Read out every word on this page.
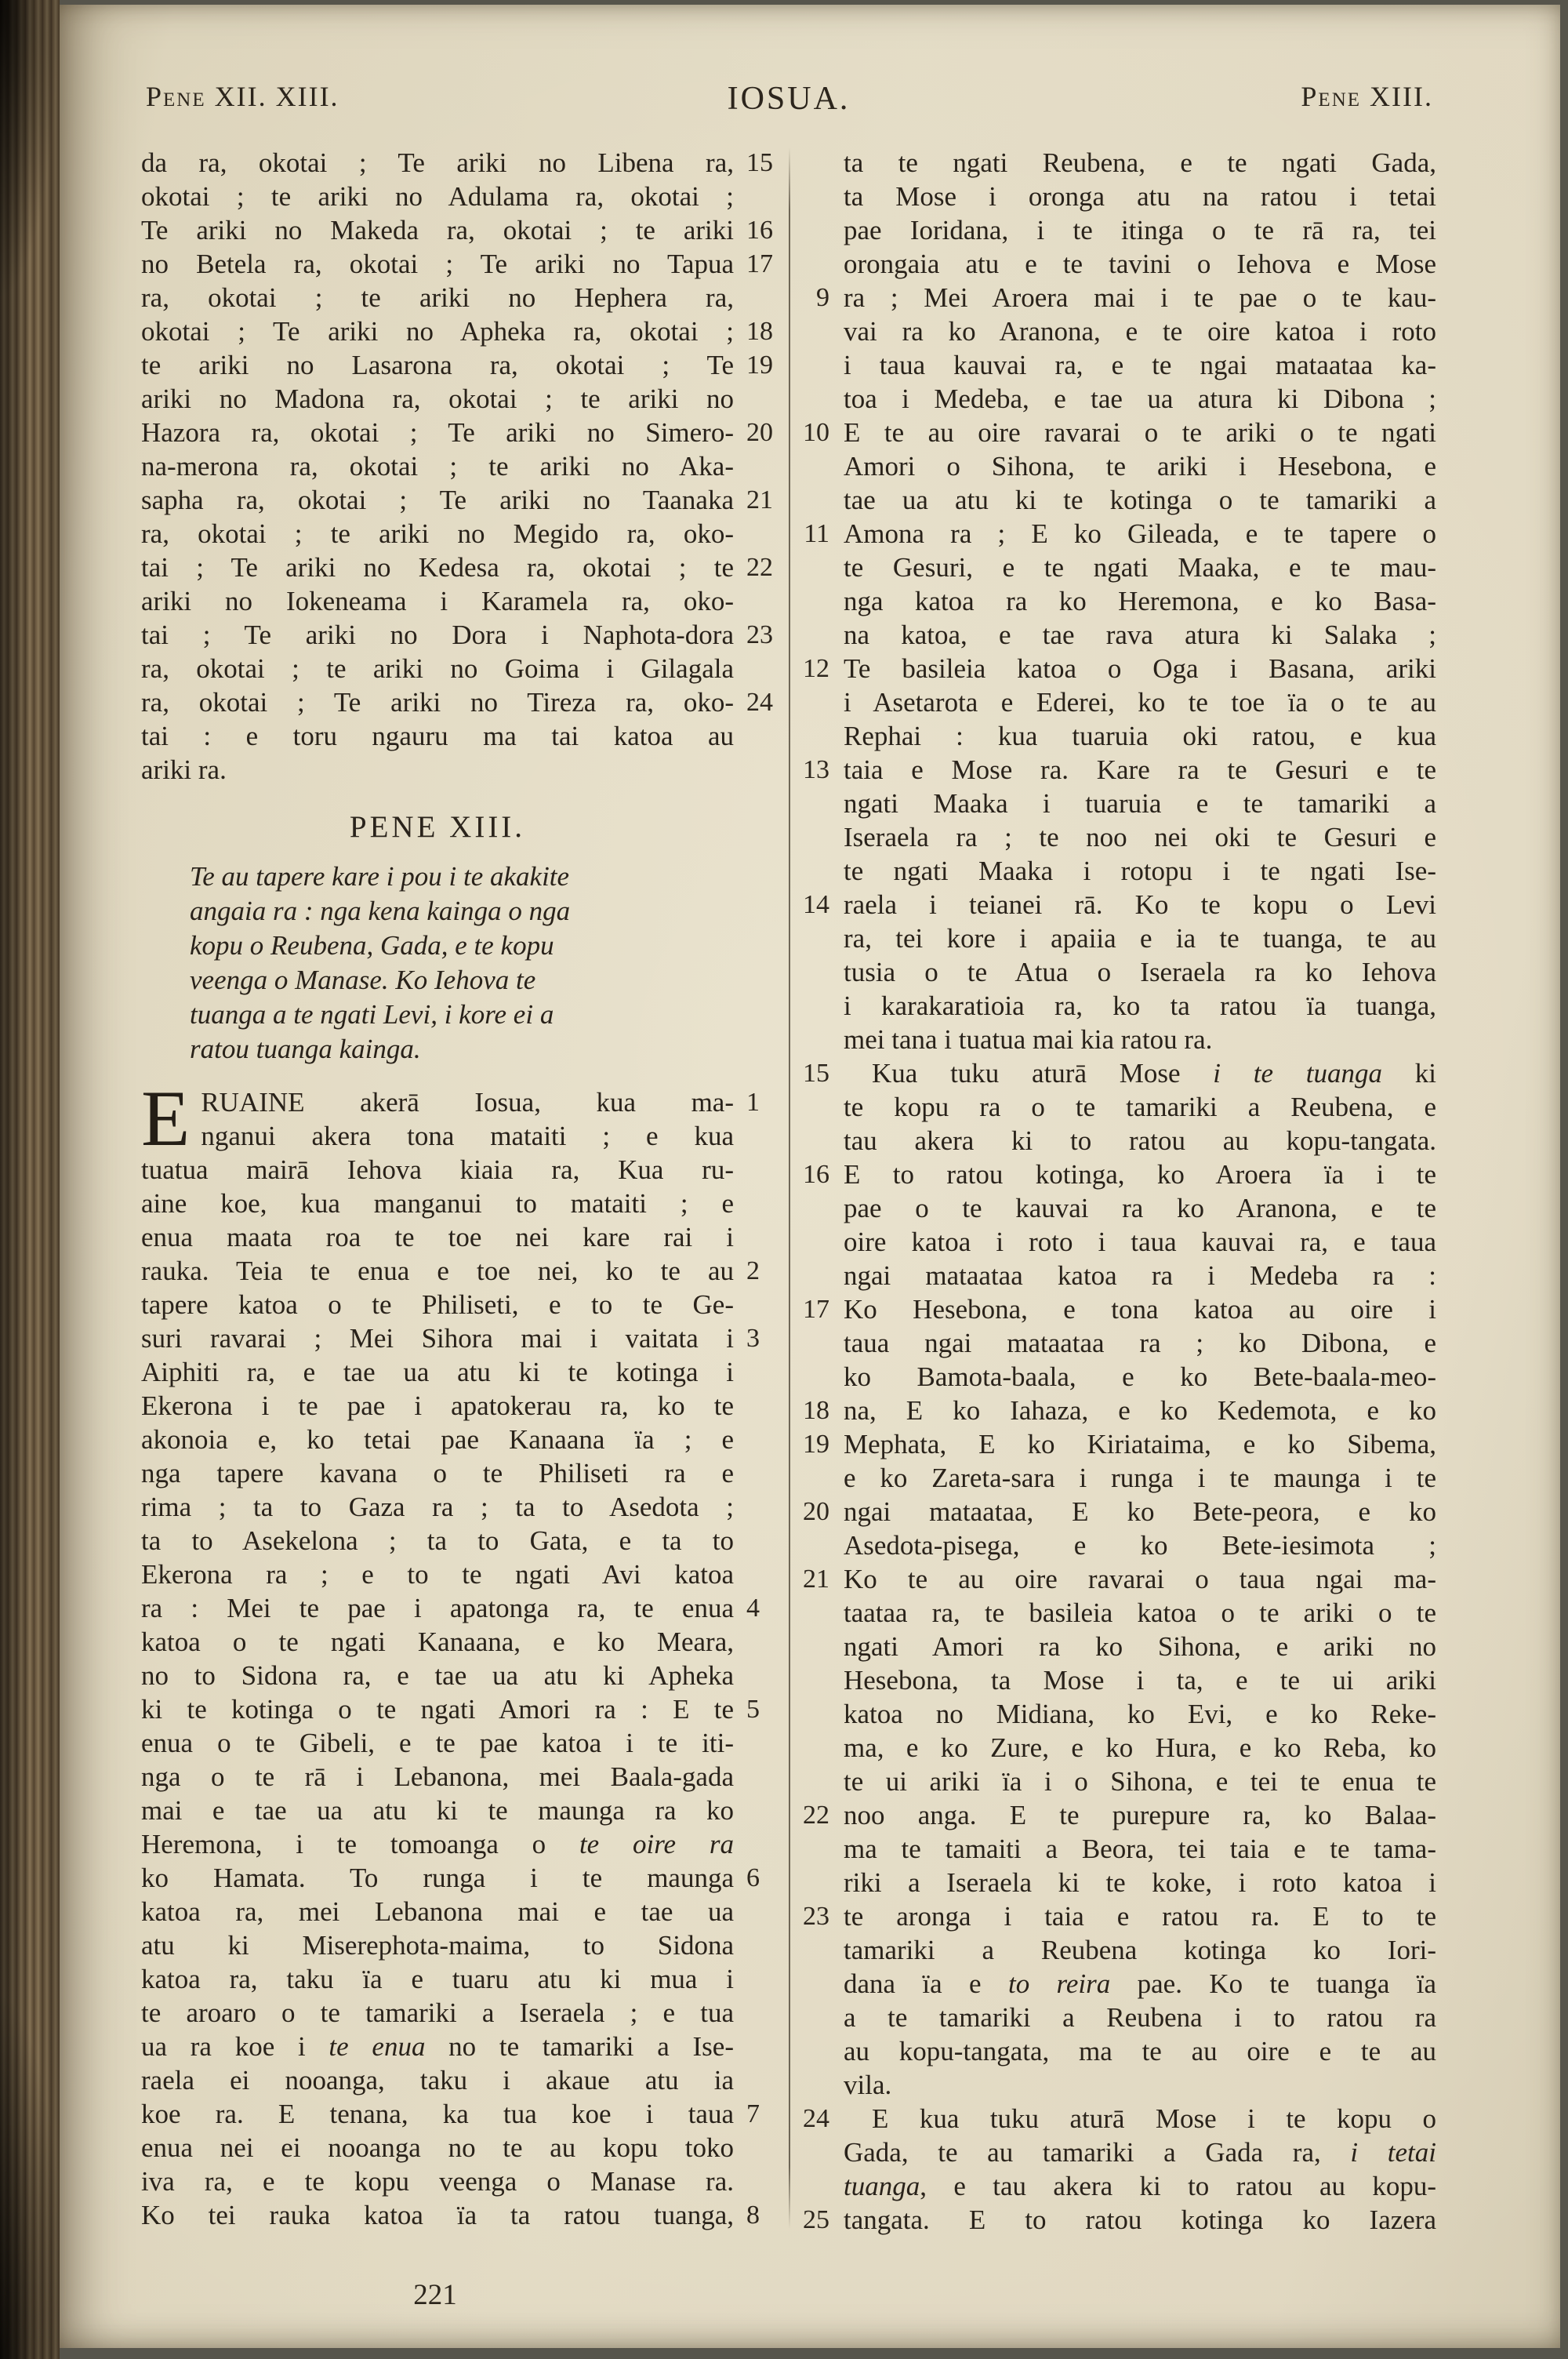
Pene XII. XIII.	IOSUA.	Pene XIII.
da ra, okotai ; Te ariki no Libena ra, 15
okotai ; te ariki no Adulama ra, okotai ;
Te ariki no Makeda ra, okotai ; te ariki 16
no Betela ra, okotai ; Te ariki no Tapua 17
ra, okotai ; te ariki no Hephera ra,
okotai ; Te ariki no Apheka ra, okotai ; 18
te ariki no Lasarona ra, okotai ; Te 19
ariki no Madona ra, okotai ; te ariki no
Hazora ra, okotai ; Te ariki no Simero- 20
na-merona ra, okotai ; te ariki no Aka-
sapha ra, okotai ; Te ariki no Taanaka 21
ra, okotai ; te ariki no Megido ra, oko-
tai ; Te ariki no Kedesa ra, okotai ; te 22
ariki no Iokeneama i Karamela ra, oko-
tai ; Te ariki no Dora i Naphota-dora 23
ra, okotai ; te ariki no Goima i Gilagala
ra, okotai ; Te ariki no Tireza ra, oko- 24
tai : e toru ngauru ma tai katoa au
ariki ra.
PENE XIII.
Te au tapere kare i pou i te akakite
angaia ra : nga kena kainga o nga
kopu o Reubena, Gada, e te kopu
veenga o Manase. Ko Iehova te
tuanga a te ngati Levi, i kore ei a
ratou tuanga kainga.
E RUAINE akerā Iosua, kua ma- 1
nganui akera tona mataiti ; e kua
tuatua mairā Iehova kiaia ra, Kua ru-
aine koe, kua manganui to mataiti ; e
enua maata roa te toe nei kare rai i
rauka. Teia te enua e toe nei, ko te au 2
tapere katoa o te Philiseti, e to te Ge-
suri ravarai ; Mei Sihora mai i vaitata i 3
Aiphiti ra, e tae ua atu ki te kotinga i
Ekerona i te pae i apatokerau ra, ko te
akonoia e, ko tetai pae Kanaana ïa ; e
nga tapere kavana o te Philiseti ra e
rima ; ta to Gaza ra ; ta to Asedota ;
ta to Asekelona ; ta to Gata, e ta to
Ekerona ra ; e to te ngati Avi katoa
ra : Mei te pae i apatonga ra, te enua 4
katoa o te ngati Kanaana, e ko Meara,
no to Sidona ra, e tae ua atu ki Apheka
ki te kotinga o te ngati Amori ra : E te 5
enua o te Gibeli, e te pae katoa i te iti-
nga o te rā i Lebanona, mei Baala-gada
mai e tae ua atu ki te maunga ra ko
Heremona, i te tomoanga o te oire ra
ko Hamata. To runga i te maunga 6
katoa ra, mei Lebanona mai e tae ua
atu ki Miserephota-maima, to Sidona
katoa ra, taku ïa e tuaru atu ki mua i
te aroaro o te tamariki a Iseraela ; e tua
ua ra koe i te enua no te tamariki a Ise-
raela ei nooanga, taku i akaue atu ia
koe ra. E tenana, ka tua koe i taua 7
enua nei ei nooanga no te au kopu toko
iva ra, e te kopu veenga o Manase ra.
Ko tei rauka katoa ïa ta ratou tuanga, 8
ta te ngati Reubena, e te ngati Gada,
ta Mose i oronga atu na ratou i tetai
pae Ioridana, i te itinga o te rā ra, tei
orongaia atu e te tavini o Iehova e Mose
ra ; Mei Aroera mai i te pae o te kau-
9
vai ra ko Aranona, e te oire katoa i roto
i taua kauvai ra, e te ngai mataataa ka-
toa i Medeba, e tae ua atura ki Dibona ;
E te au oire ravarai o te ariki o te ngati
10
Amori o Sihona, te ariki i Hesebona, e
tae ua atu ki te kotinga o te tamariki a
Amona ra ; E ko Gileada, e te tapere o
11
te Gesuri, e te ngati Maaka, e te mau-
nga katoa ra ko Heremona, e ko Basa-
na katoa, e tae rava atura ki Salaka ;
Te basileia katoa o Oga i Basana, ariki
12
i Asetarota e Ederei, ko te toe ïa o te au
Rephai : kua tuaruia oki ratou, e kua
taia e Mose ra. Kare ra te Gesuri e te
13
ngati Maaka i tuaruia e te tamariki a
Iseraela ra ; te noo nei oki te Gesuri e
te ngati Maaka i rotopu i te ngati Ise-
raela i teianei rā. Ko te kopu o Levi
14
ra, tei kore i apaiia e ia te tuanga, te au
tusia o te Atua o Iseraela ra ko Iehova
i karakaratioia ra, ko ta ratou ïa tuanga,
mei tana i tuatua mai kia ratou ra.
Kua tuku aturā Mose i te tuanga ki
15
te kopu ra o te tamariki a Reubena, e
tau akera ki to ratou au kopu-tangata.
E to ratou kotinga, ko Aroera ïa i te
16
pae o te kauvai ra ko Aranona, e te
oire katoa i roto i taua kauvai ra, e taua
ngai mataataa katoa ra i Medeba ra :
Ko Hesebona, e tona katoa au oire i
17
taua ngai mataataa ra ; ko Dibona, e
ko Bamota-baala, e ko Bete-baala-meo-
na, E ko Iahaza, e ko Kedemota, e ko
18
Mephata, E ko Kiriataima, e ko Sibema,
19
e ko Zareta-sara i runga i te maunga i te
ngai mataataa, E ko Bete-peora, e ko
20
Asedota-pisega, e ko Bete-iesimota ;
Ko te au oire ravarai o taua ngai ma-
21
taataa ra, te basileia katoa o te ariki o te
ngati Amori ra ko Sihona, e ariki no
Hesebona, ta Mose i ta, e te ui ariki
katoa no Midiana, ko Evi, e ko Reke-
ma, e ko Zure, e ko Hura, e ko Reba, ko
te ui ariki ïa i o Sihona, e tei te enua te
noo anga. E te purepure ra, ko Balaa-
22
ma te tamaiti a Beora, tei taia e te tama-
riki a Iseraela ki te koke, i roto katoa i
te aronga i taia e ratou ra. E to te
23
tamariki a Reubena kotinga ko Iori-
dana ïa e to reira pae. Ko te tuanga ïa
a te tamariki a Reubena i to ratou ra
au kopu-tangata, ma te au oire e te au
vila.
E kua tuku aturā Mose i te kopu o
24
Gada, te au tamariki a Gada ra, i tetai
tuanga, e tau akera ki to ratou au kopu-
tangata. E to ratou kotinga ko Iazera
25
221
